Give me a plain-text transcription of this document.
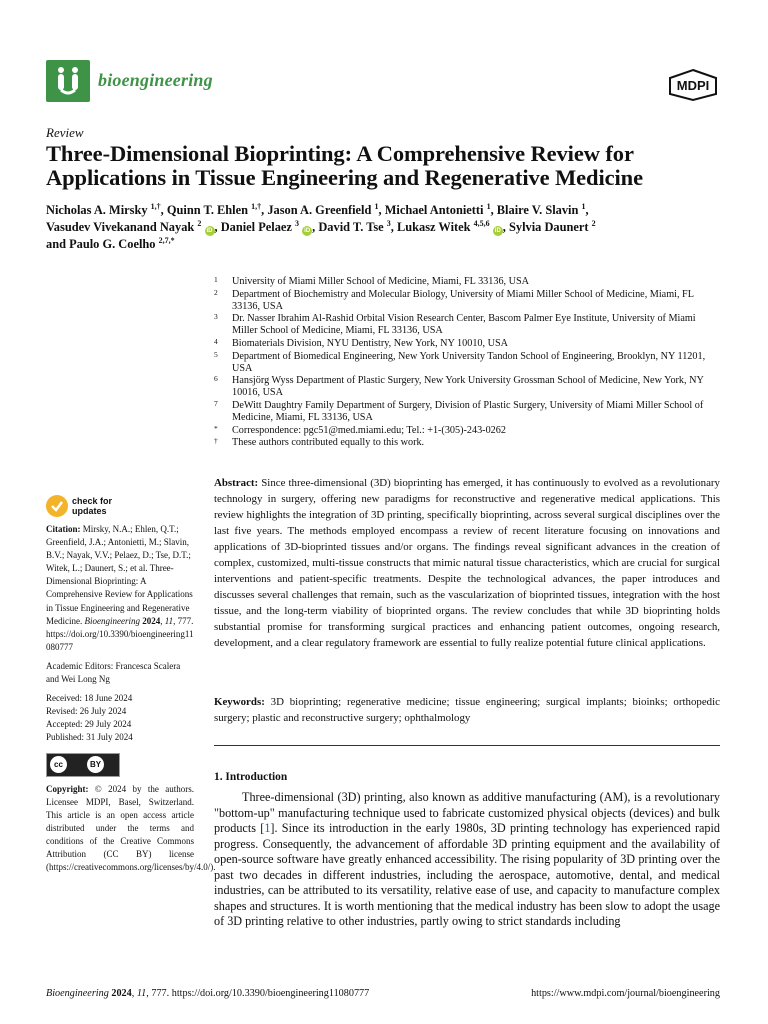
bioengineering	MDPI
Review
Three-Dimensional Bioprinting: A Comprehensive Review for Applications in Tissue Engineering and Regenerative Medicine
Nicholas A. Mirsky $^{1,\dagger}$, Quinn T. Ehlen $^{1,\dagger}$, Jason A. Greenfield $^1$, Michael Antonietti $^1$, Blaire V. Slavin $^1$,
Vasudev Vivekanand Nayak $^2$ iD , Daniel Pelaez $^3$ iD , David T. Tse $^3$, Lukasz Witek $^{4,5,6}$ iD , Sylvia Daunert $^2$
and Paulo G. Coelho $^{2,7,*}$
1 University of Miami Miller School of Medicine, Miami, FL 33136, USA
2 Department of Biochemistry and Molecular Biology, University of Miami Miller School of Medicine, Miami, FL 33136, USA
3 Dr. Nasser Ibrahim Al-Rashid Orbital Vision Research Center, Bascom Palmer Eye Institute, University of Miami Miller School of Medicine, Miami, FL 33136, USA
4 Biomaterials Division, NYU Dentistry, New York, NY 10010, USA
5 Department of Biomedical Engineering, New York University Tandon School of Engineering, Brooklyn, NY 11201, USA
6 Hansjörg Wyss Department of Plastic Surgery, New York University Grossman School of Medicine, New York, NY 10016, USA
7 DeWitt Daughtry Family Department of Surgery, Division of Plastic Surgery, University of Miami Miller School of Medicine, Miami, FL 33136, USA
* Correspondence: pgc51@med.miami.edu; Tel.: +1-(305)-243-0262
† These authors contributed equally to this work.
check for
updates
Citation: Mirsky, N.A.; Ehlen, Q.T.; Greenfield, J.A.; Antonietti, M.; Slavin, B.V.; Nayak, V.V.; Pelaez, D.; Tse, D.T.; Witek, L.; Daunert, S.; et al. Three-Dimensional Bioprinting: A Comprehensive Review for Applications in Tissue Engineering and Regenerative Medicine. Bioengineering 2024, 11, 777.
https://doi.org/10.3390/bioengineering11080777
Academic Editors: Francesca Scalera and Wei Long Ng
Received: 18 June 2024
Revised: 26 July 2024
Accepted: 29 July 2024
Published: 31 July 2024
cc	BY
Copyright: © 2024 by the authors. Licensee MDPI, Basel, Switzerland. This article is an open access article distributed under the terms and conditions of the Creative Commons Attribution (CC BY) license (https://creativecommons.org/licenses/by/4.0/).
Abstract: Since three-dimensional (3D) bioprinting has emerged, it has continuously to evolved as a revolutionary technology in surgery, offering new paradigms for reconstructive and regenerative medical applications. This review highlights the integration of 3D printing, specifically bioprinting, across several surgical disciplines over the last five years. The methods employed encompass a review of recent literature focusing on innovations and applications of 3D-bioprinted tissues and/or organs. The findings reveal significant advances in the creation of complex, customized, multi-tissue constructs that mimic natural tissue characteristics, which are crucial for surgical interventions and patient-specific treatments. Despite the technological advances, the paper introduces and discusses several challenges that remain, such as the vascularization of bioprinted tissues, integration with the host tissue, and the long-term viability of bioprinted organs. The review concludes that while 3D bioprinting holds substantial promise for transforming surgical practices and enhancing patient outcomes, ongoing research, development, and a clear regulatory framework are essential to fully realize potential future clinical applications.
Keywords: 3D bioprinting; regenerative medicine; tissue engineering; surgical implants; bioinks; orthopedic surgery; plastic and reconstructive surgery; ophthalmology
1. Introduction
Three-dimensional (3D) printing, also known as additive manufacturing (AM), is a revolutionary "bottom-up" manufacturing technique used to fabricate customized physical objects (devices) and bulk products [1]. Since its introduction in the early 1980s, 3D printing technology has experienced rapid progress. Consequently, the advancement of affordable 3D printing equipment and the availability of open-source software have greatly enhanced accessibility. The rising popularity of 3D printing over the past two decades in different industries, including the aerospace, automotive, dental, and medical industries, can be attributed to its versatility, relative ease of use, and capacity to manufacture complex shapes and structures. It is worth mentioning that the medical industry has been slow to adopt the usage of 3D printing relative to other industries, partly owing to strict standards including
Bioengineering 2024, 11, 777. https://doi.org/10.3390/bioengineering11080777	https://www.mdpi.com/journal/bioengineering
